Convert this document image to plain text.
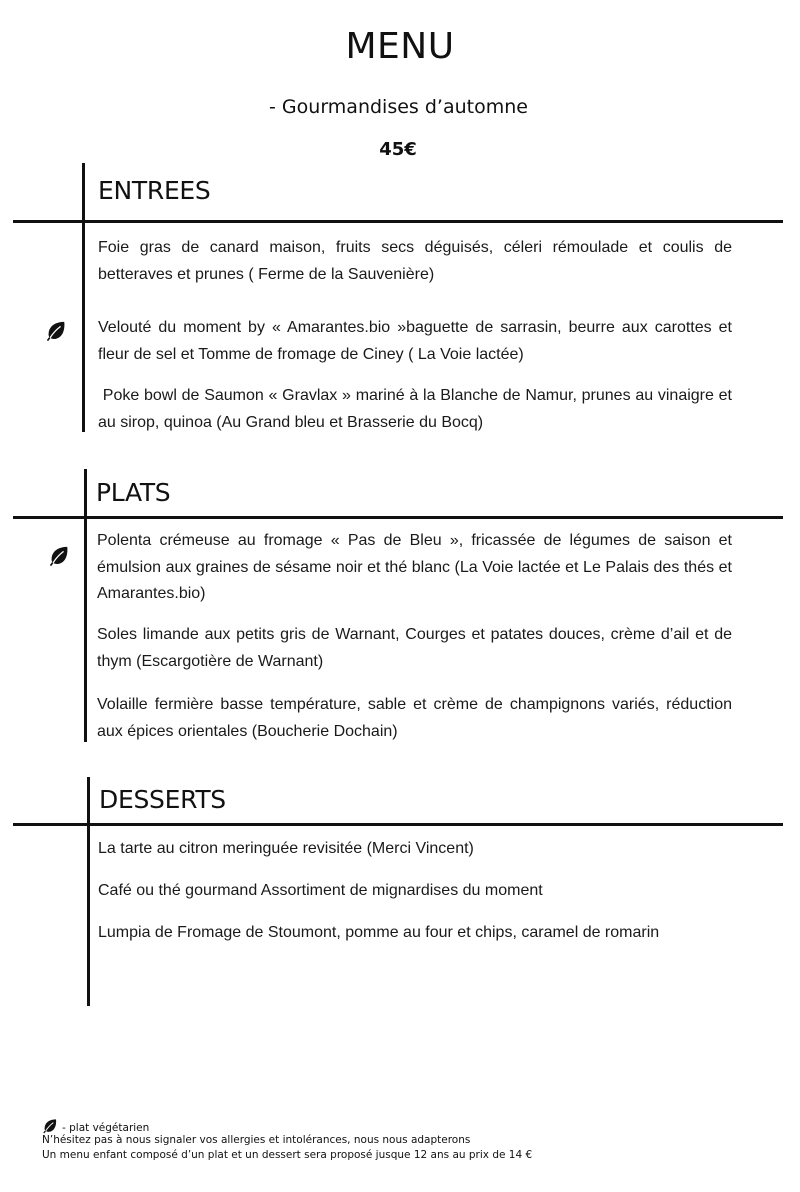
MENU
- Gourmandises d’automne
45€
ENTREES
Foie gras de canard maison, fruits secs déguisés, céleri rémoulade et coulis de betteraves et prunes ( Ferme de la Sauvenière)
Velouté du moment by « Amarantes.bio »baguette de sarrasin, beurre aux carottes et fleur de sel et Tomme de fromage de Ciney ( La Voie lactée)
Poke bowl de Saumon « Gravlax » mariné à la Blanche de Namur, prunes au vinaigre et au sirop, quinoa (Au Grand bleu et Brasserie du Bocq)
PLATS
Polenta crémeuse au fromage « Pas de Bleu », fricassée de légumes de saison et émulsion aux graines de sésame noir et thé blanc (La Voie lactée et Le Palais des thés et Amarantes.bio)
Soles limande aux petits gris de Warnant, Courges et patates douces, crème d’ail et de thym (Escargotière de Warnant)
Volaille fermière basse température, sable et crème de champignons variés, réduction aux épices orientales (Boucherie Dochain)
DESSERTS
La tarte au citron meringuée revisitée (Merci Vincent)
Café ou thé gourmand Assortiment de mignardises du moment
Lumpia de Fromage de Stoumont, pomme au four et chips, caramel de romarin
- plat végétarien
N’hésitez pas à nous signaler vos allergies et intolérances, nous nous adapterons
Un menu enfant composé d’un plat et un dessert sera proposé jusque 12 ans au prix de 14 €
